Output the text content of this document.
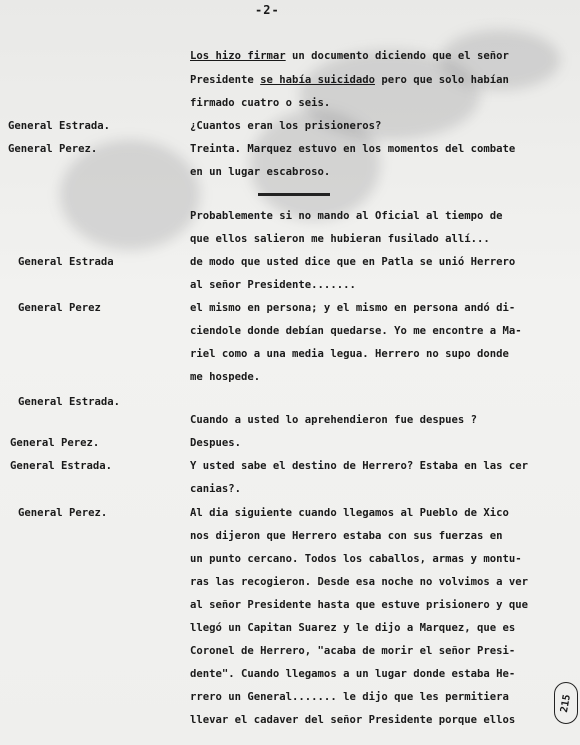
-2-
Los hizo firmar un documento diciendo que el señor
Presidente se había suicidado pero que solo habían
firmado cuatro o seis.
General Estrada.	¿Cuantos eran los prisioneros?
General Perez.	Treinta. Marquez estuvo en los momentos del combate
en un lugar escabroso.
Probablemente si no mando al Oficial al tiempo de
que ellos salieron me hubieran fusilado allí...
General Estrada	de modo que usted dice que en Patla se unió Herrero
al señor Presidente.......
General Perez	el mismo en persona; y el mismo en persona andó di-
ciendole donde debían quedarse. Yo me encontre a Ma-
riel como a una media legua. Herrero no supo donde
me hospede.
General Estrada.
Cuando a usted lo aprehendieron fue despues ?
General Perez.	Despues.
General Estrada.	Y usted sabe el destino de Herrero? Estaba en las cer
canias?.
General Perez.	Al dia siguiente cuando llegamos al Pueblo de Xico
nos dijeron que Herrero estaba con sus fuerzas en
un punto cercano. Todos los caballos, armas y montu-
ras las recogieron. Desde esa noche no volvimos a ver
al señor Presidente hasta que estuve prisionero y que
llegó un Capitan Suarez y le dijo a Marquez, que es
Coronel de Herrero, "acaba de morir el señor Presi-
dente". Cuando llegamos a un lugar donde estaba He-
rrero un General....... le dijo que les permitiera
llevar el cadaver del señor Presidente porque ellos
215
